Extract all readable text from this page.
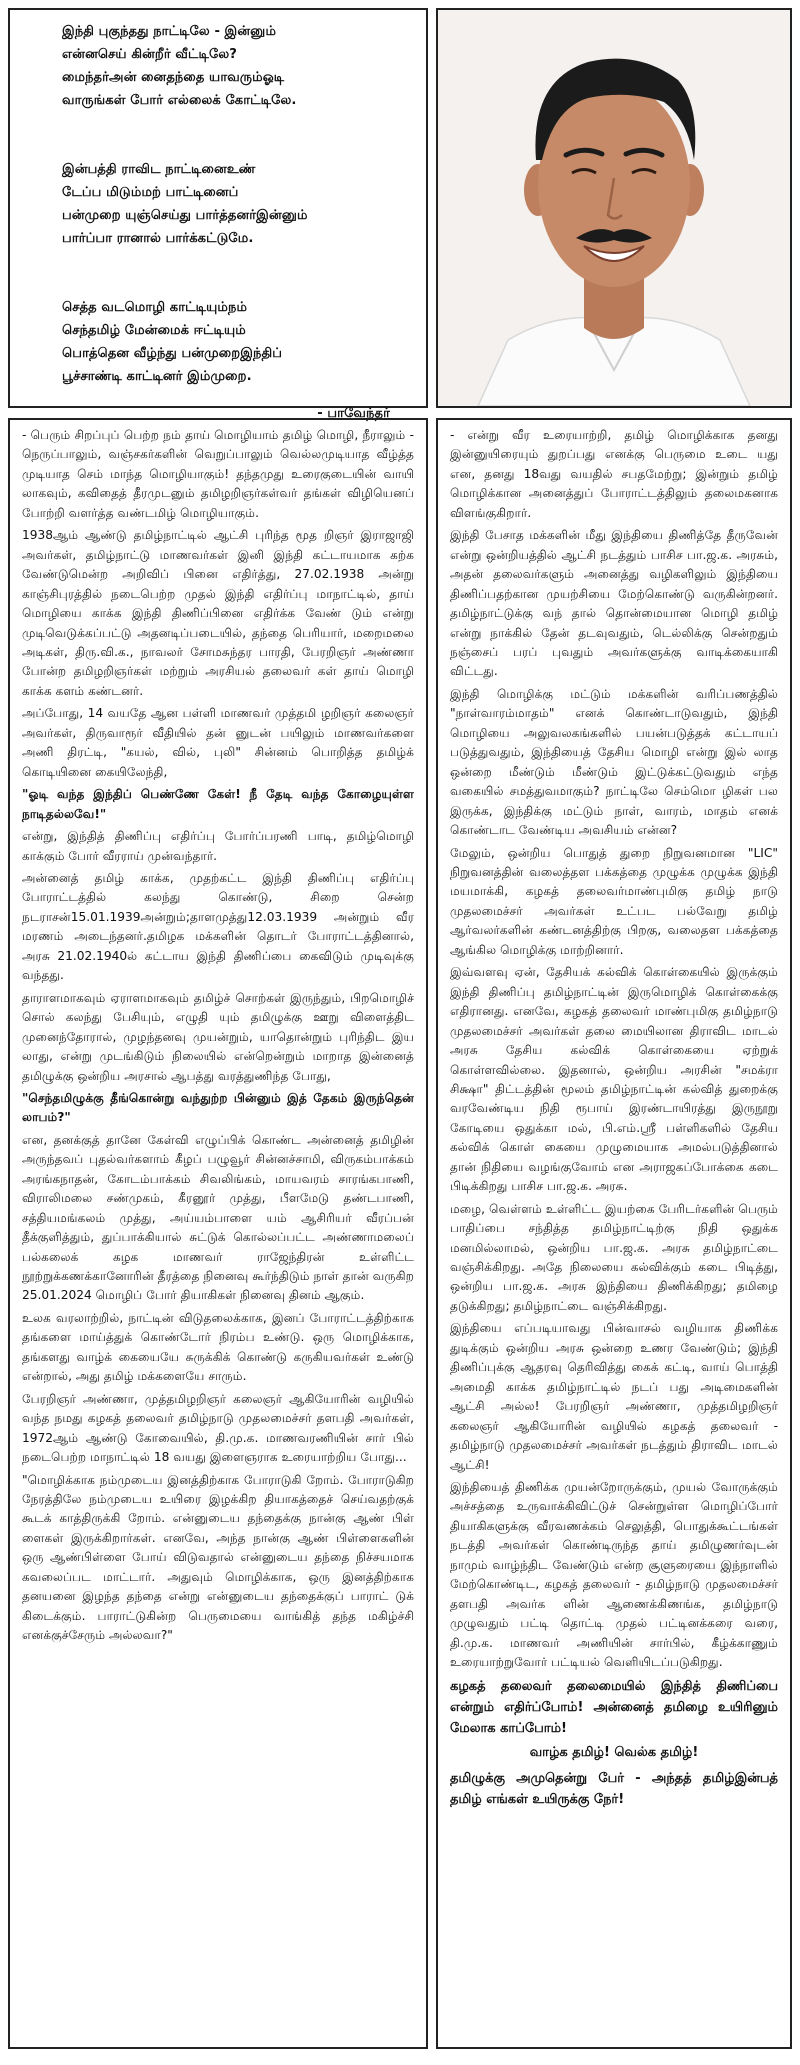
இந்தி புகுந்தது நாட்டிலே - இன்னும்
என்னசெய் கின்றீர் வீட்டிலே?
மைந்தர்அன் னைதந்தை யாவரும்ஓடி
வாருங்கள் போர் எல்லைக் கோட்டிலே.
இன்பத்தி ராவிட நாட்டினைஉண்
டேப்ப மிடும்மற் பாட்டினைப்
பன்முறை யுஞ்செய்து பார்த்தனர்இன்னும்
பார்ப்பா ரானால் பார்க்கட்டுமே.
செத்த வடமொழி காட்டியும்நம்
செந்தமிழ் மேன்மைக் ஈட்டியும்
பொத்தென வீழ்ந்து பன்முறைஇந்திப்
பூச்சாண்டி காட்டினர் இம்முறை.
- பாவேந்தர்

- பெரும் சிறப்புப் பெற்ற நம் தாய் மொழியாம் தமிழ் மொழி, நீராலும் - நெருப்பாலும், வஞ்சகர்களின் வெறுப்பாலும் வெல்லமுடியாத வீழ்த்த முடியாத செம் மாந்த மொழியாகும்! தந்தமுது உரைகுடையின் வாயி லாகவும், கவிதைத் தீரமுடனும் தமிழறிஞர்கள்வர் தங்கள் விழியெனப் போற்றி வளர்த்த வண்டமிழ் மொழியாகும்.

1938ஆம் ஆண்டு தமிழ்நாட்டில் ஆட்சி புரிந்த மூத றிஞர் இராஜாஜி அவர்கள், தமிழ்நாட்டு மாணவர்கள் இனி இந்தி கட்டாயமாக கற்க வேண்டுமென்ற அறிவிப் பினை எதிர்த்து, 27.02.1938 அன்று காஞ்சிபுரத்தில் நடைபெற்ற முதல் இந்தி எதிர்ப்பு மாநாட்டில், தாய் மொழியை காக்க இந்தி திணிப்பினை எதிர்க்க வேண் டும் என்று முடிவெடுக்கப்பட்டு அதனடிப்படையில், தந்தை பெரியார், மறைமலை அடிகள், திரு.வி.க., நாவலர் சோமசுந்தர பாரதி, பேரறிஞர் அண்ணா போன்ற தமிழறிஞர்கள் மற்றும் அரசியல் தலைவர் கள் தாய் மொழி காக்க களம் கண்டனர்.

அப்போது, 14 வயதே ஆன பள்ளி மாணவர் முத்தமி ழறிஞர் கலைஞர் அவர்கள், திருவாரூர் வீதியில் தன் னுடன் பயிலும் மாணவர்களை அணி திரட்டி, "கயல், வில், புலி" சின்னம் பொறித்த தமிழ்க் கொடியினை கையிலேந்தி,

"ஓடி வந்த இந்திப் பெண்ணே கேள்! நீ தேடி வந்த கோழையுள்ள நாடிதல்லவே!"

என்று, இந்தித் திணிப்பு எதிர்ப்பு போர்ப்பரணி பாடி, தமிழ்மொழி காக்கும் போர் வீரராய் முன்வந்தார்.

அன்னைத் தமிழ் காக்க, முதற்கட்ட இந்தி திணிப்பு எதிர்ப்பு போராட்டத்தில் கலந்து கொண்டு, சிறை சென்ற நடராசன்15.01.1939அன்றும்;தாளமுத்து12.03.1939 அன்றும் வீர மரணம் அடைந்தனர்.தமிழக மக்களின் தொடர் போராட்டத்தினால், அரசு 21.02.1940ல் கட்டாய இந்தி திணிப்பை கைவிடும் முடிவுக்கு வந்தது.

தாராளமாகவும் ஏராளமாகவும் தமிழ்ச் சொற்கள் இருந்தும், பிறமொழிச் சொல் கலந்து பேசியும், எழுதி யும் தமிழுக்கு ஊறு விளைத்திட முனைந்தோரால், முழந்தனவு முயன்றும், யாதொன்றும் புரிந்திட இய லாது, என்று முடங்கிடும் நிலையில் என்றென்றும் மாறாத இன்னைத் தமிழுக்கு ஒன்றிய அரசால் ஆபத்து வரத்துணிந்த போது,

"செந்தமிழுக்கு தீங்கொன்று வந்துற்ற பின்னும் இத் தேகம் இருந்தென் லாபம்?"

என, தனக்குத் தானே கேள்வி எழுப்பிக் கொண்ட அன்னைத் தமிழின் அருந்தவப் புதல்வர்களாம் கீழப் பழுவூர் சின்னச்சாமி, விருகம்பாக்கம் அரங்கநாதன், கோடம்பாக்கம் சிவலிங்கம், மாயவரம் சாரங்கபாணி, விராலிமலை சண்முகம், கீரனூர் முத்து, பீளமேடு தண்டபாணி, சத்தியமங்கலம் முத்து, அய்யம்பாளை யம் ஆசிரியர் வீரப்பன் தீக்குளித்தும், துப்பாக்கியால் சுட்டுக் கொல்லப்பட்ட அண்ணாமலைப் பல்கலைக் கழக மாணவர் ராஜேந்திரன் உள்ளிட்ட நூற்றுக்கணக்கானோரின் தீரத்தை நினைவு கூர்ந்திடும் நாள் தான் வருகிற 25.01.2024 மொழிப் போர் தியாகிகள் நினைவு தினம் ஆகும்.

உலக வரலாற்றில், நாட்டின் விடுதலைக்காக, இனப் போராட்டத்திற்காக தங்களை மாய்த்துக் கொண்டோர் நிரம்ப உண்டு. ஒரு மொழிக்காக, தங்களது வாழ்க் கையையே சுருக்கிக் கொண்டு கருகியவர்கள் உண்டு என்றால், அது தமிழ் மக்களையே சாரும்.

பேரறிஞர் அண்ணா, முத்தமிழறிஞர் கலைஞர் ஆகியோரின் வழியில் வந்த நமது கழகத் தலைவர் தமிழ்நாடு முதலமைச்சர் தளபதி அவர்கள், 1972ஆம் ஆண்டு கோவையில், தி.மு.க. மாணவரணியின் சார் பில் நடைபெற்ற மாநாட்டில் 18 வயது இளைஞராக உரையாற்றிய போது...

"மொழிக்காக நம்முடைய இனத்திற்காக போராடுகி றோம். போராடுகிற நேரத்திலே நம்முடைய உயிரை இழக்கிற தியாகத்தைச் செய்வதற்குக் கூடக் காத்திருக்கி றோம். என்னுடைய தந்தைக்கு நான்கு ஆண் பிள் ளைகள் இருக்கிறார்கள். எனவே, அந்த நான்கு ஆண் பிள்ளைகளின் ஒரு ஆண்பிள்ளை போய் விடுவதால் என்னுடைய தந்தை நிச்சயமாக கவலைப்பட மாட்டார். அதுவும் மொழிக்காக, ஒரு இனத்திற்காக தனயனை இழந்த தந்தை என்று என்னுடைய தந்தைக்குப் பாராட் டுக் கிடைக்கும். பாராட்டுகின்ற பெருமையை வாங்கித் தந்த மகிழ்ச்சி எனக்குச்சேரும் அல்லவா?"

- என்று வீர உரையாற்றி, தமிழ் மொழிக்காக தனது இன்னுயிரையும் துறப்பது எனக்கு பெருமை உடை யது என, தனது 18வது வயதில் சபதமேற்று; இன்றும் தமிழ் மொழிக்கான அனைத்துப் போராட்டத்திலும் தலைமகனாக விளங்குகிறார்.

இந்தி பேசாத மக்களின் மீது இந்தியை திணித்தே தீருவேன் என்று ஒன்றியத்தில் ஆட்சி நடத்தும் பாசிச பா.ஜ.க. அரசும், அதன் தலைவர்களும் அனைத்து வழிகளிலும் இந்தியை திணிப்பதற்கான முயற்சியை மேற்கொண்டு வருகின்றனர். தமிழ்நாட்டுக்கு வந் தால் தொன்மையான மொழி தமிழ் என்று நாக்கில் தேன் தடவுவதும், டெல்லிக்கு சென்றதும் நஞ்சைப் பரப் புவதும் அவர்களுக்கு வாடிக்கையாகி விட்டது.

இந்தி மொழிக்கு மட்டும் மக்களின் வரிப்பணத்தில் "நாள்வாரம்மாதம்" எனக் கொண்டாடுவதும், இந்தி மொழியை அலுவலகங்களில் பயன்படுத்தக் கட்டாயப் படுத்துவதும், இந்தியைத் தேசிய மொழி என்று இல் லாத ஒன்றை மீண்டும் மீண்டும் இட்டுக்கட்டுவதும் எந்த வகையில் சமத்துவமாகும்? நாட்டிலே செம்மொ ழிகள் பல இருக்க, இந்திக்கு மட்டும் நாள், வாரம், மாதம் எனக் கொண்டாட வேண்டிய அவசியம் என்ன?

மேலும், ஒன்றிய பொதுத் துறை நிறுவனமான "LIC" நிறுவனத்தின் வலைத்தள பக்கத்தை முழுக்க முழுக்க இந்தி மயமாக்கி, கழகத் தலைவர்மாண்புமிகு தமிழ் நாடு முதலமைச்சர் அவர்கள் உட்பட பல்வேறு தமிழ் ஆர்வலர்களின் கண்டனத்திற்கு பிறகு, வலைதள பக்கத்தை ஆங்கில மொழிக்கு மாற்றினார்.

இவ்வளவு ஏன், தேசியக் கல்விக் கொள்கையில் இருக்கும் இந்தி திணிப்பு தமிழ்நாட்டின் இருமொழிக் கொள்கைக்கு எதிரானது. எனவே, கழகத் தலைவர் மாண்புமிகு தமிழ்நாடு முதலமைச்சர் அவர்கள் தலை மையிலான திராவிட மாடல் அரசு தேசிய கல்விக் கொள்கையை ஏற்றுக் கொள்ளவில்லை. இதனால், ஒன்றிய அரசின் "சமக்ரா சிக்ஷா" திட்டத்தின் மூலம் தமிழ்நாட்டின் கல்வித் துறைக்கு வரவேண்டிய நிதி ரூபாய் இரண்டாயிரத்து இருநூறு கோடியை ஒதுக்கா மல், பி.எம்.ஸ்ரீ பள்ளிகளில் தேசிய கல்விக் கொள் கையை முழுமையாக அமல்படுத்தினால் தான் நிதியை வழங்குவோம் என அராஜகப்போக்கை கடை பிடிக்கிறது பாசிச பா.ஜ.க. அரசு.

மழை, வெள்ளம் உள்ளிட்ட இயற்கை பேரிடர்களின் பெரும் பாதிப்பை சந்தித்த தமிழ்நாட்டிற்கு நிதி ஒதுக்க மனமில்லாமல், ஒன்றிய பா.ஜ.க. அரசு தமிழ்நாட்டை வஞ்சிக்கிறது. அதே நிலையை கல்விக்கும் கடை பிடித்து, ஒன்றிய பா.ஜ.க. அரசு இந்தியை திணிக்கிறது; தமிழை தடுக்கிறது; தமிழ்நாட்டை வஞ்சிக்கிறது.

இந்தியை எப்படியாவது பின்வாசல் வழியாக திணிக்க துடிக்கும் ஒன்றிய அரசு ஒன்றை உணர வேண்டும்; இந்தி திணிப்புக்கு ஆதரவு தெரிவித்து கைக் கட்டி, வாய் பொத்தி அமைதி காக்க தமிழ்நாட்டில் நடப் பது அடிமைகளின் ஆட்சி அல்ல! பேரறிஞர் அண்ணா, முத்தமிழறிஞர் கலைஞர் ஆகியோரின் வழியில் கழகத் தலைவர் - தமிழ்நாடு முதலமைச்சர் அவர்கள் நடத்தும் திராவிட மாடல் ஆட்சி!

இந்தியைத் திணிக்க முயன்றோருக்கும், முயல் வோருக்கும் அச்சத்தை உருவாக்கிவிட்டுச் சென்றுள்ள மொழிப்போர் தியாகிகளுக்கு வீரவணக்கம் செலுத்தி, பொதுக்கூட்டங்கள் நடத்தி அவர்கள் கொண்டிருந்த தாய் தமிழுணர்வுடன் நாமும் வாழ்ந்திட வேண்டும் என்ற சூளுரையை இந்நாளில் மேற்கொண்டிட, கழகத் தலைவர் - தமிழ்நாடு முதலமைச்சர் தளபதி அவர்க ளின் ஆணைக்கிணங்க, தமிழ்நாடு முழுவதும் பட்டி தொட்டி முதல் பட்டினக்கரை வரை, தி.மு.க. மாணவர் அணியின் சார்பில், கீழ்க்காணும் உரையாற்றுவோர் பட்டியல் வெளியிடப்படுகிறது.

கழகத் தலைவர் தலைமையில் இந்தித் திணிப்பை என்றும் எதிர்ப்போம்! அன்னைத் தமிழை உயிரினும் மேலாக காப்போம்!

வாழ்க தமிழ்! வெல்க தமிழ்!

தமிழுக்கு அமுதென்று பேர் - அந்தத் தமிழ்இன்பத் தமிழ் எங்கள் உயிருக்கு நேர்!
